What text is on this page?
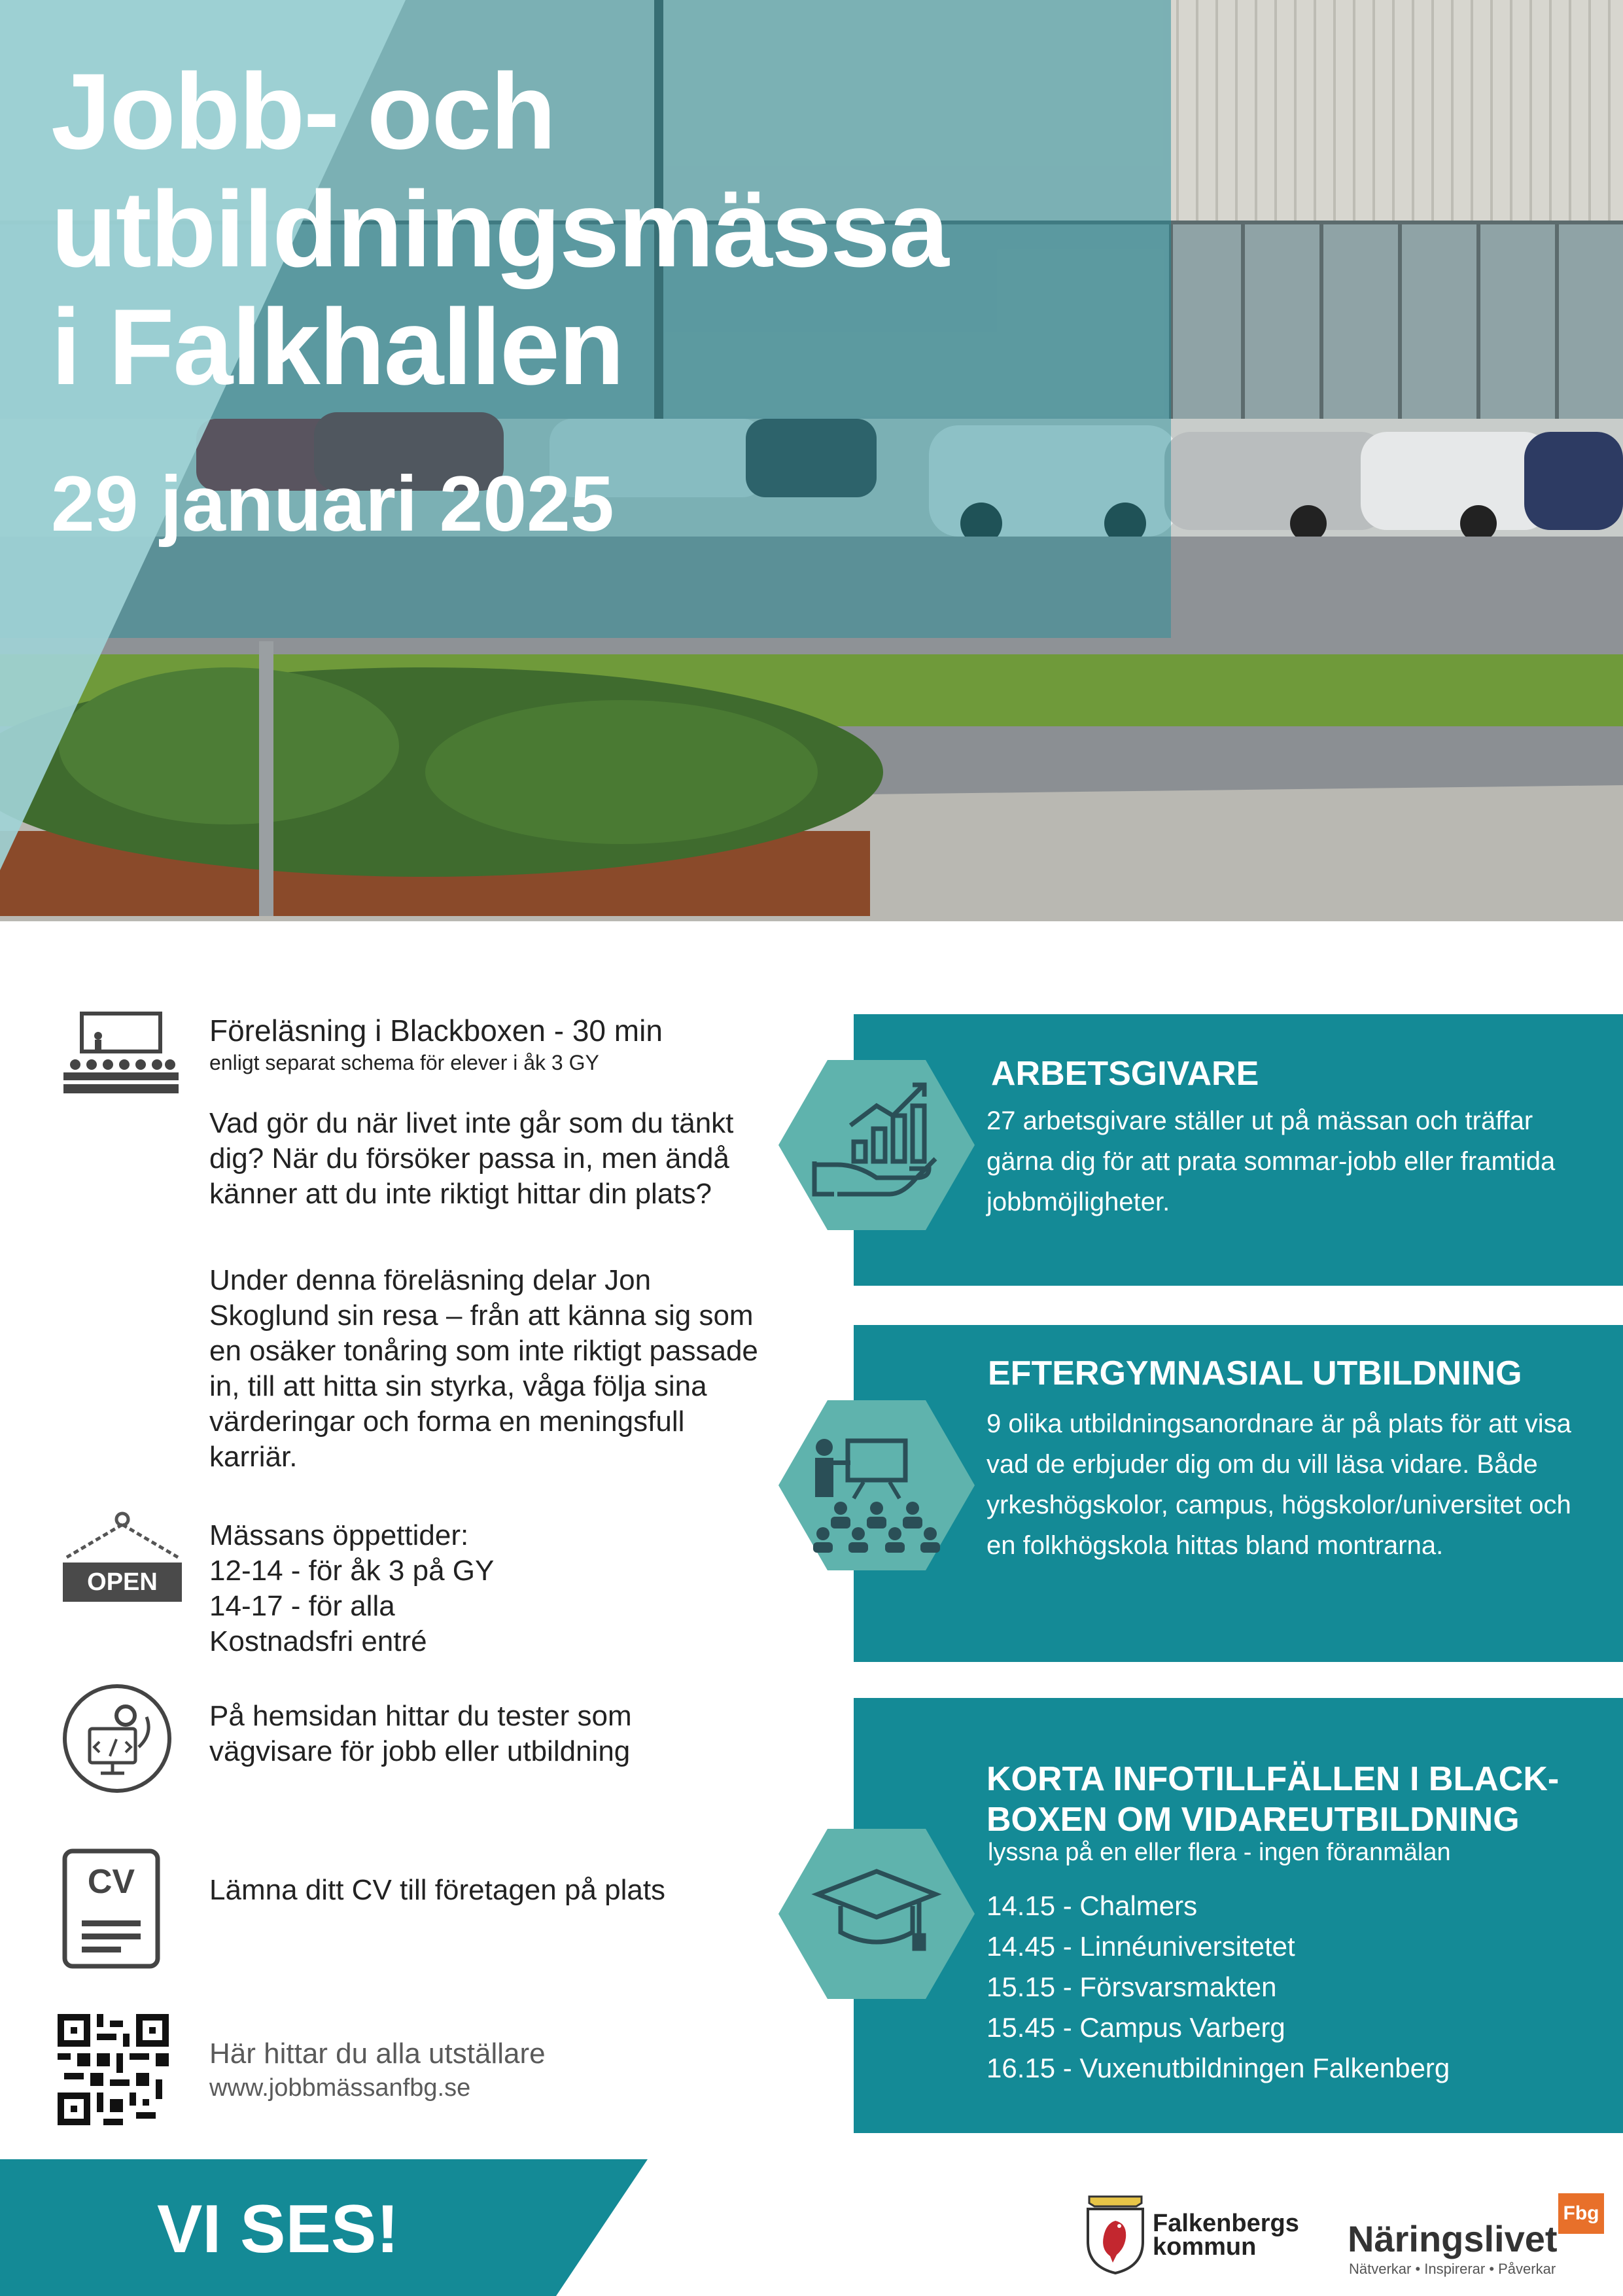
Jobb- och
utbildningsmässa
i Falkhallen

29 januari 2025

Föreläsning i Blackboxen - 30 min
enligt separat schema för elever i åk 3 GY

Vad gör du när livet inte går som du tänkt dig? När du försöker passa in, men ändå känner att du inte riktigt hittar din plats?

Under denna föreläsning delar Jon Skoglund sin resa – från att känna sig som en osäker tonåring som inte riktigt passade in, till att hitta sin styrka, våga följa sina värderingar och forma en meningsfull karriär.

OPEN
Mässans öppettider:
12-14 - för åk 3 på GY
14-17 - för alla
Kostnadsfri entré

På hemsidan hittar du tester som vägvisare för jobb eller utbildning

CV	Lämna ditt CV till företagen på plats

Här hittar du alla utställare
www.jobbmässanfbg.se
ARBETSGIVARE

27 arbetsgivare ställer ut på mässan och träffar gärna dig för att prata sommar-jobb eller framtida jobbmöjligheter.

EFTERGYMNASIAL UTBILDNING

9 olika utbildningsanordnare är på plats för att visa vad de erbjuder dig om du vill läsa vidare. Både yrkeshögskolor, campus, högskolor/universitet och en folkhögskola hittas bland montrarna.

KORTA INFOTILLFÄLLEN I BLACK-BOXEN OM VIDAREUTBILDNING
lyssna på en eller flera - ingen föranmälan
14.15 - Chalmers
14.45 - Linnéuniversitetet
15.15 - Försvarsmakten
15.45 - Campus Varberg
16.15 - Vuxenutbildningen Falkenberg

VI SES!	Falkenbergs
kommun	Näringslivet
Fbg
Nätverkar • Inspirerar • Påverkar
